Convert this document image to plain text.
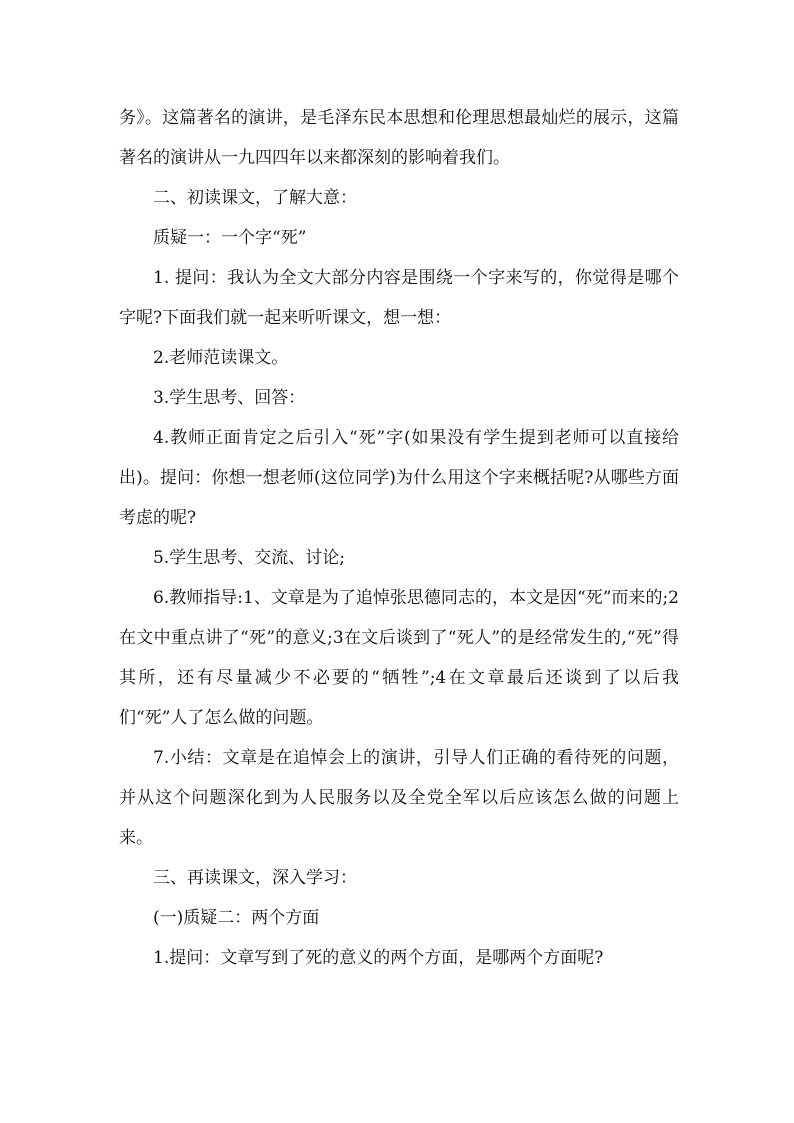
务》。这篇著名的演讲，是毛泽东民本思想和伦理思想最灿烂的展示，这篇著名的演讲从一九四四年以来都深刻的影响着我们。

二、初读课文，了解大意：

质疑一：一个字“死”

1. 提问：我认为全文大部分内容是围绕一个字来写的，你觉得是哪个字呢?下面我们就一起来听听课文，想一想：

2.老师范读课文。

3.学生思考、回答：

4.教师正面肯定之后引入“死”字(如果没有学生提到老师可以直接给出)。提问：你想一想老师(这位同学)为什么用这个字来概括呢?从哪些方面考虑的呢?

5.学生思考、交流、讨论;

6.教师指导:1、文章是为了追悼张思德同志的，本文是因“死”而来的;2在文中重点讲了“死”的意义;3在文后谈到了“死人”的是经常发生的,“死”得其所，还有尽量减少不必要的“牺牲”;4在文章最后还谈到了以后我们“死”人了怎么做的问题。

7.小结：文章是在追悼会上的演讲，引导人们正确的看待死的问题，并从这个问题深化到为人民服务以及全党全军以后应该怎么做的问题上来。

三、再读课文，深入学习：

(一)质疑二：两个方面

1.提问：文章写到了死的意义的两个方面，是哪两个方面呢?
